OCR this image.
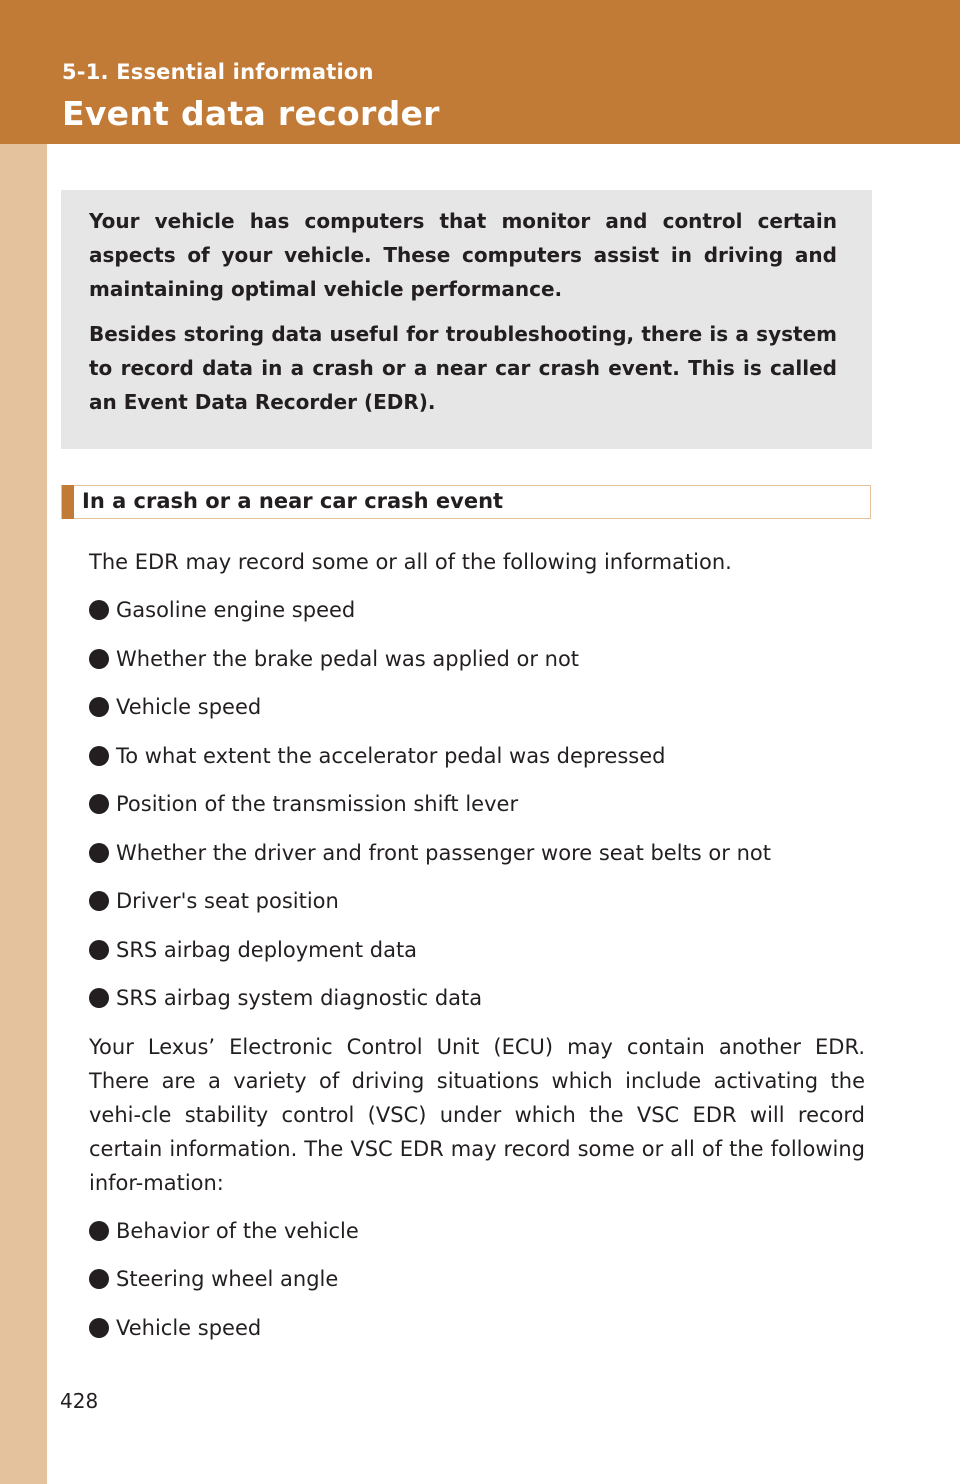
5-1. Essential information
Event data recorder

Your vehicle has computers that monitor and control certain aspects of your vehicle. These computers assist in driving and maintaining optimal vehicle performance.

Besides storing data useful for troubleshooting, there is a system to record data in a crash or a near car crash event. This is called an Event Data Recorder (EDR).

In a crash or a near car crash event

The EDR may record some or all of the following information.

Gasoline engine speed
Whether the brake pedal was applied or not
Vehicle speed
To what extent the accelerator pedal was depressed
Position of the transmission shift lever
Whether the driver and front passenger wore seat belts or not
Driver's seat position
SRS airbag deployment data
SRS airbag system diagnostic data

Your Lexus’ Electronic Control Unit (ECU) may contain another EDR. There are a variety of driving situations which include activating the vehi-cle stability control (VSC) under which the VSC EDR will record certain information. The VSC EDR may record some or all of the following infor-mation:

Behavior of the vehicle
Steering wheel angle
Vehicle speed
428
carmanualsonline.info
